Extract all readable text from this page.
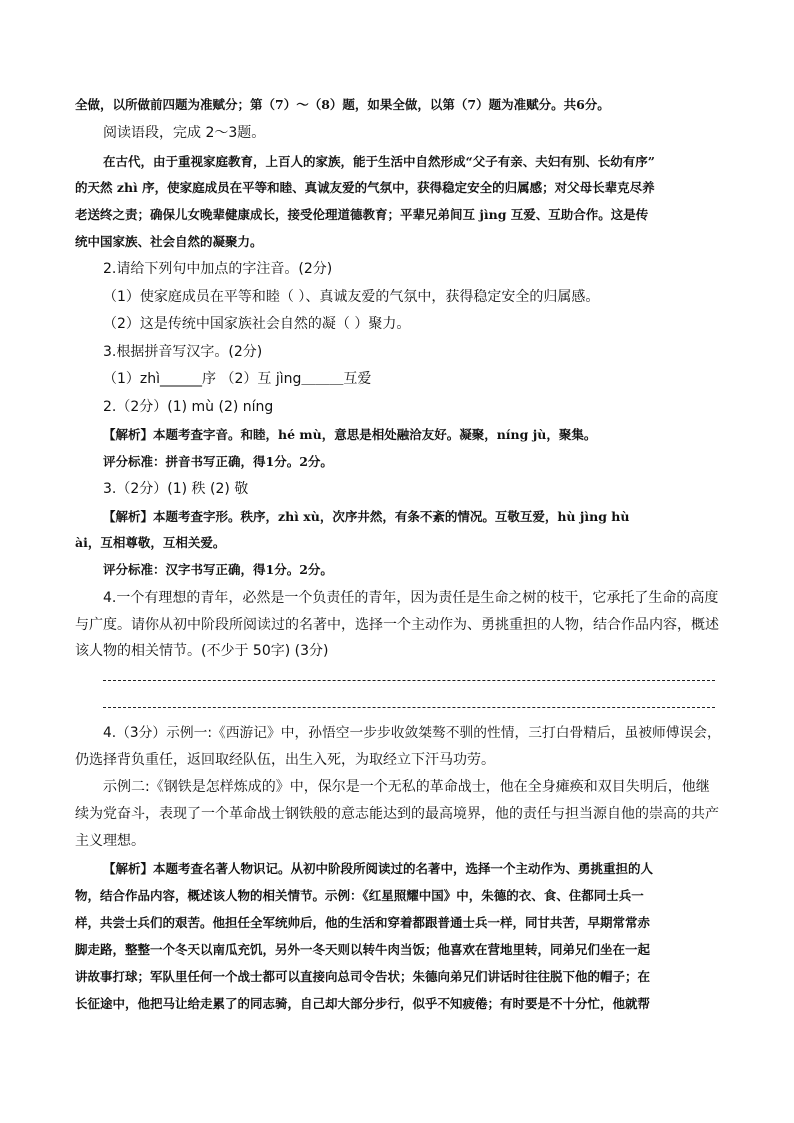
全做，以所做前四题为准赋分；第（7）～（8）题，如果全做，以第（7）题为准赋分。共6分。
阅读语段，完成 2～3题。
在古代，由于重视家庭教育，上百人的家族，能于生活中自然形成“父子有亲、夫妇有别、长幼有序”
的天然 zhì 序，使家庭成员在平等和睦、真诚友爱的气氛中，获得稳定安全的归属感；对父母长辈克尽养
老送终之责；确保儿女晚辈健康成长，接受伦理道德教育；平辈兄弟间互 jìng 互爱、互助合作。这是传
统中国家族、社会自然的凝聚力。
2.请给下列句中加点的字注音。(2分)
（1）使家庭成员在平等和睦（ ）、真诚友爱的气氛中，获得稳定安全的归属感。
（2）这是传统中国家族社会自然的凝（ ）聚力。
3.根据拼音写汉字。(2分)
（1）zhì______序 （2）互 jìng＿＿＿互爱
2.（2分）(1) mù (2) níng
【解析】本题考查字音。和睦，hé mù，意思是相处融洽友好。凝聚，níng jù，聚集。
评分标准：拼音书写正确，得1分。2分。
3.（2分）(1) 秩 (2) 敬
【解析】本题考查字形。秩序，zhì xù，次序井然，有条不紊的情况。互敬互爱，hù jìng hù
ài，互相尊敬，互相关爱。
评分标准：汉字书写正确，得1分。2分。
4.一个有理想的青年，必然是一个负责任的青年，因为责任是生命之树的枝干，它承托了生命的高度
与广度。请你从初中阶段所阅读过的名著中，选择一个主动作为、勇挑重担的人物，结合作品内容，概述
该人物的相关情节。(不少于 50字) (3分)
4.（3分）示例一:《西游记》中，孙悟空一步步收敛桀骜不驯的性情，三打白骨精后，虽被师傅误会，
仍选择背负重任，返回取经队伍，出生入死，为取经立下汗马功劳。
示例二:《钢铁是怎样炼成的》中，保尔是一个无私的革命战士，他在全身瘫痪和双目失明后，他继
续为党奋斗，表现了一个革命战士钢铁般的意志能达到的最高境界，他的责任与担当源自他的崇高的共产
主义理想。
【解析】本题考查名著人物识记。从初中阶段所阅读过的名著中，选择一个主动作为、勇挑重担的人
物，结合作品内容，概述该人物的相关情节。示例：《红星照耀中国》中，朱德的衣、食、住都同士兵一
样，共尝士兵们的艰苦。他担任全军统帅后，他的生活和穿着都跟普通士兵一样，同甘共苦，早期常常赤
脚走路，整整一个冬天以南瓜充饥，另外一冬天则以转牛肉当饭；他喜欢在营地里转，同弟兄们坐在一起
讲故事打球；军队里任何一个战士都可以直接向总司令告状；朱德向弟兄们讲话时往往脱下他的帽子；在
长征途中，他把马让给走累了的同志骑，自己却大部分步行，似乎不知疲倦；有时要是不十分忙，他就帮
